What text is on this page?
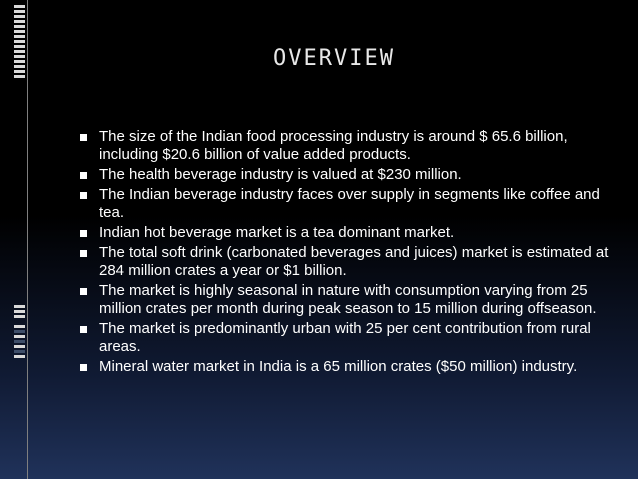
OVERVIEW
The size of the Indian food processing industry is around $ 65.6 billion, including $20.6 billion of value added products.
The health beverage industry is valued at $230 million.
The Indian beverage industry faces over supply in segments like coffee and tea.
Indian hot beverage market is a tea dominant market.
The total soft drink (carbonated beverages and juices) market is estimated at 284 million crates a year or $1 billion.
The market is highly seasonal in nature with consumption varying from 25 million crates per month during peak season to 15 million during offseason.
The market is predominantly urban with 25 per cent contribution from rural areas.
Mineral water market in India is a 65 million crates ($50 million) industry.
